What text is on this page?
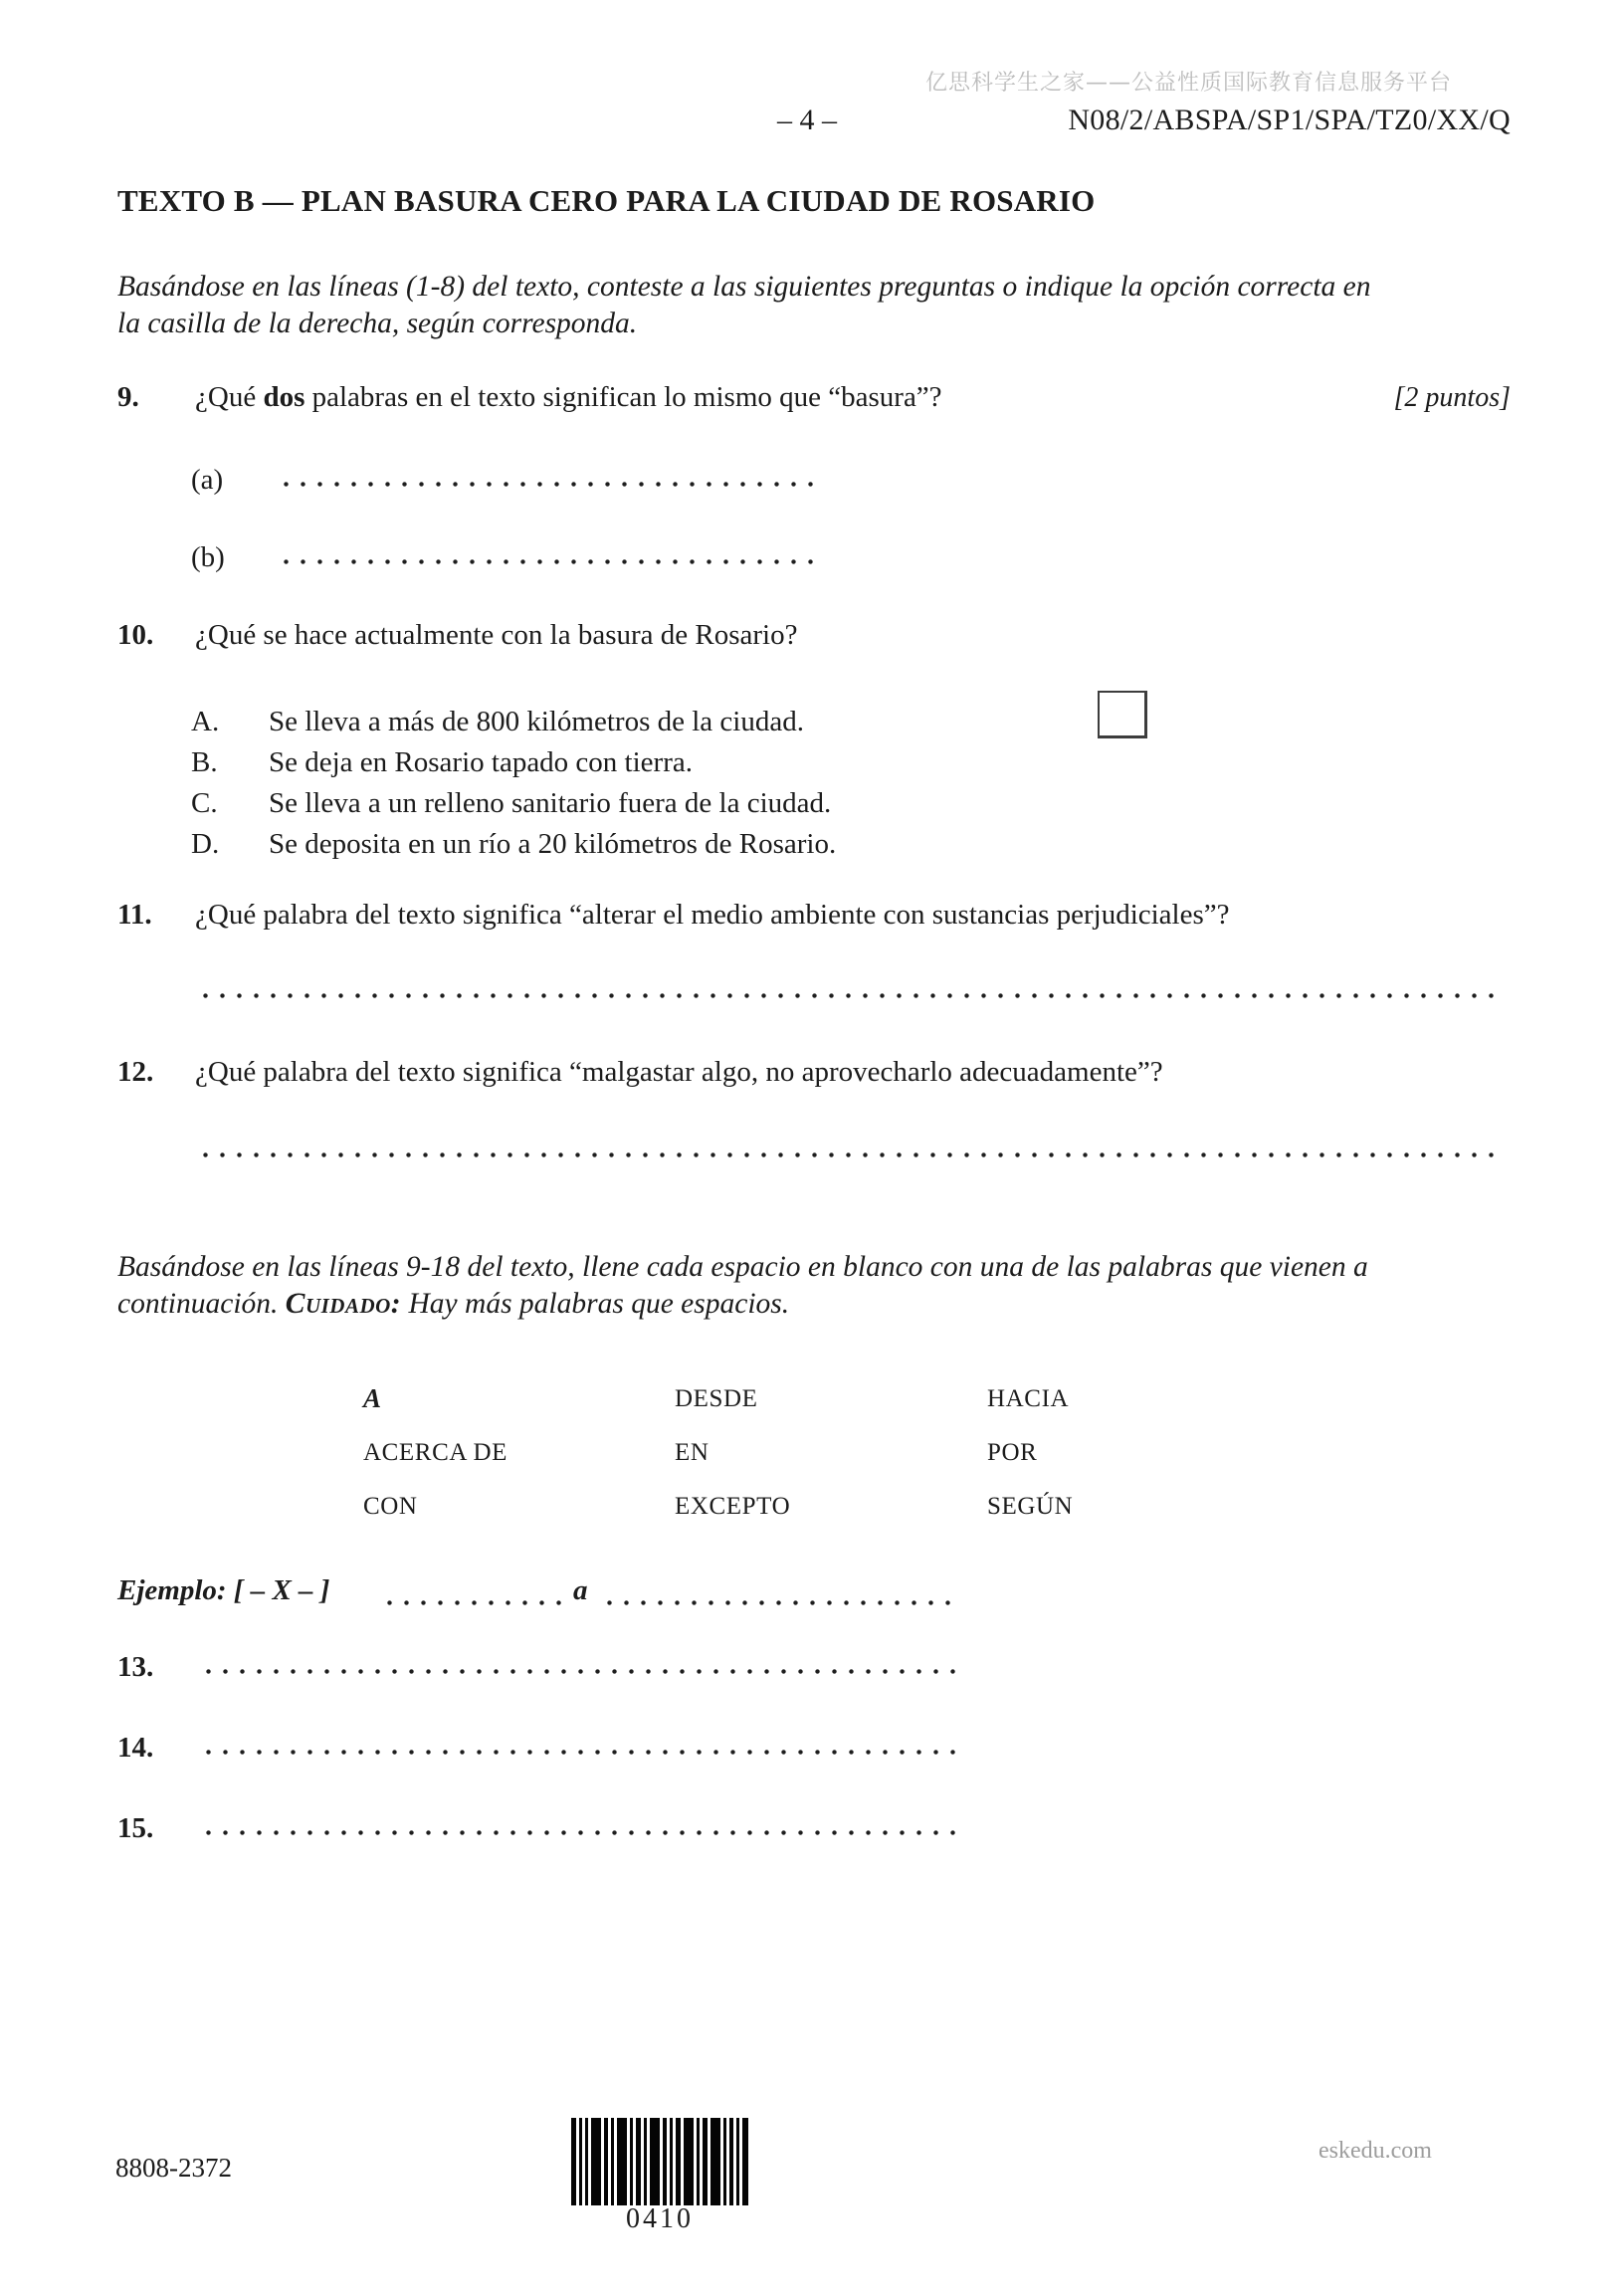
亿思科学生之家——公益性质国际教育信息服务平台
– 4 –	N08/2/ABSPA/SP1/SPA/TZ0/XX/Q
TEXTO B — PLAN BASURA CERO PARA LA CIUDAD DE ROSARIO
Basándose en las líneas (1-8) del texto, conteste a las siguientes preguntas o indique la opción correcta en
la casilla de la derecha, según corresponda.
9. ¿Qué dos palabras en el texto significan lo mismo que “basura”?	[2 puntos]
(a)
(b)
10. ¿Qué se hace actualmente con la basura de Rosario?
A. Se lleva a más de 800 kilómetros de la ciudad.
B. Se deja en Rosario tapado con tierra.
C. Se lleva a un relleno sanitario fuera de la ciudad.
D. Se deposita en un río a 20 kilómetros de Rosario.
11. ¿Qué palabra del texto significa “alterar el medio ambiente con sustancias perjudiciales”?
12. ¿Qué palabra del texto significa “malgastar algo, no aprovecharlo adecuadamente”?
Basándose en las líneas 9-18 del texto, llene cada espacio en blanco con una de las palabras que vienen a
continuación. Cuidado: Hay más palabras que espacios.
A	DESDE	HACIA
ACERCA DE	EN	POR
CON	EXCEPTO	SEGÚN
Ejemplo: [ – X – ]	a
13.
14.
15.
8808-2372
0410
eskedu.com
